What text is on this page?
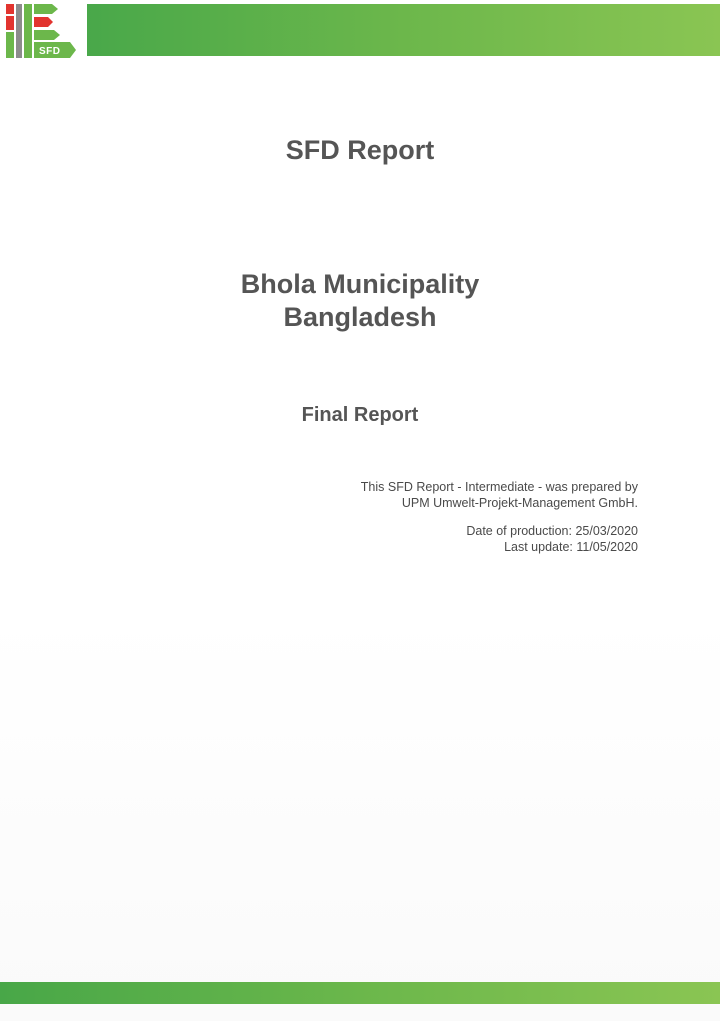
SFD
SFD Report
Bhola Municipality
Bangladesh
Final Report

This SFD Report - Intermediate - was prepared by

UPM Umwelt-Projekt-Management GmbH.

Date of production: 25/03/2020

Last update: 11/05/2020
